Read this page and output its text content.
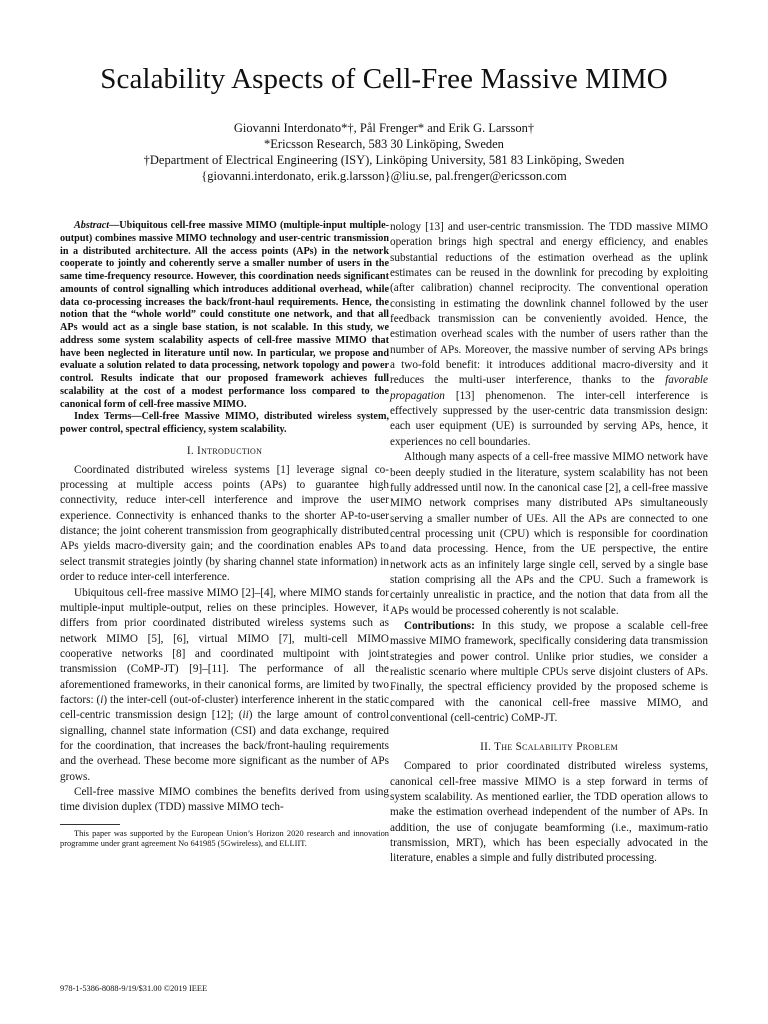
Scalability Aspects of Cell-Free Massive MIMO
Giovanni Interdonato*†, Pål Frenger* and Erik G. Larsson†
*Ericsson Research, 583 30 Linköping, Sweden
†Department of Electrical Engineering (ISY), Linköping University, 581 83 Linköping, Sweden
{giovanni.interdonato, erik.g.larsson}@liu.se, pal.frenger@ericsson.com

Abstract—Ubiquitous cell-free massive MIMO (multiple-input multiple-output) combines massive MIMO technology and user-centric transmission in a distributed architecture. All the access points (APs) in the network cooperate to jointly and coherently serve a smaller number of users in the same time-frequency resource. However, this coordination needs significant amounts of control signalling which introduces additional overhead, while data co-processing increases the back/front-haul requirements. Hence, the notion that the “whole world” could constitute one network, and that all APs would act as a single base station, is not scalable. In this study, we address some system scalability aspects of cell-free massive MIMO that have been neglected in literature until now. In particular, we propose and evaluate a solution related to data processing, network topology and power control. Results indicate that our proposed framework achieves full scalability at the cost of a modest performance loss compared to the canonical form of cell-free massive MIMO.

Index Terms—Cell-free Massive MIMO, distributed wireless system, power control, spectral efficiency, system scalability.

I. Introduction

Coordinated distributed wireless systems [1] leverage signal co-processing at multiple access points (APs) to guarantee high connectivity, reduce inter-cell interference and improve the user experience. Connectivity is enhanced thanks to the shorter AP-to-user distance; the joint coherent transmission from geographically distributed APs yields macro-diversity gain; and the coordination enables APs to select transmit strategies jointly (by sharing channel state information) in order to reduce inter-cell interference.

Ubiquitous cell-free massive MIMO [2]–[4], where MIMO stands for multiple-input multiple-output, relies on these principles. However, it differs from prior coordinated distributed wireless systems such as network MIMO [5], [6], virtual MIMO [7], multi-cell MIMO cooperative networks [8] and coordinated multipoint with joint transmission (CoMP-JT) [9]–[11]. The performance of all the aforementioned frameworks, in their canonical forms, are limited by two factors: (i) the inter-cell (out-of-cluster) interference inherent in the static cell-centric transmission design [12]; (ii) the large amount of control signalling, channel state information (CSI) and data exchange, required for the coordination, that increases the back/front-hauling requirements and the overhead. These become more significant as the number of APs grows.

Cell-free massive MIMO combines the benefits derived from using time division duplex (TDD) massive MIMO tech-

This paper was supported by the European Union’s Horizon 2020 research and innovation programme under grant agreement No 641985 (5Gwireless), and ELLIIT.

nology [13] and user-centric transmission. The TDD massive MIMO operation brings high spectral and energy efficiency, and enables substantial reductions of the estimation overhead as the uplink estimates can be reused in the downlink for precoding by exploiting (after calibration) channel reciprocity. The conventional operation consisting in estimating the downlink channel followed by the user feedback transmission can be conveniently avoided. Hence, the estimation overhead scales with the number of users rather than the number of APs. Moreover, the massive number of serving APs brings a two-fold benefit: it introduces additional macro-diversity and it reduces the multi-user interference, thanks to the favorable propagation [13] phenomenon. The inter-cell interference is effectively suppressed by the user-centric data transmission design: each user equipment (UE) is surrounded by serving APs, hence, it experiences no cell boundaries.

Although many aspects of a cell-free massive MIMO network have been deeply studied in the literature, system scalability has not been fully addressed until now. In the canonical case [2], a cell-free massive MIMO network comprises many distributed APs simultaneously serving a smaller number of UEs. All the APs are connected to one central processing unit (CPU) which is responsible for coordination and data processing. Hence, from the UE perspective, the entire network acts as an infinitely large single cell, served by a single base station comprising all the APs and the CPU. Such a framework is certainly unrealistic in practice, and the notion that data from all the APs would be processed coherently is not scalable.

Contributions: In this study, we propose a scalable cell-free massive MIMO framework, specifically considering data transmission strategies and power control. Unlike prior studies, we consider a realistic scenario where multiple CPUs serve disjoint clusters of APs. Finally, the spectral efficiency provided by the proposed scheme is compared with the canonical cell-free massive MIMO, and conventional (cell-centric) CoMP-JT.

II. The Scalability Problem

Compared to prior coordinated distributed wireless systems, canonical cell-free massive MIMO is a step forward in terms of system scalability. As mentioned earlier, the TDD operation allows to make the estimation overhead independent of the number of APs. In addition, the use of conjugate beamforming (i.e., maximum-ratio transmission, MRT), which has been especially advocated in the literature, enables a simple and fully distributed processing.

978-1-5386-8088-9/19/$31.00 ©2019 IEEE
